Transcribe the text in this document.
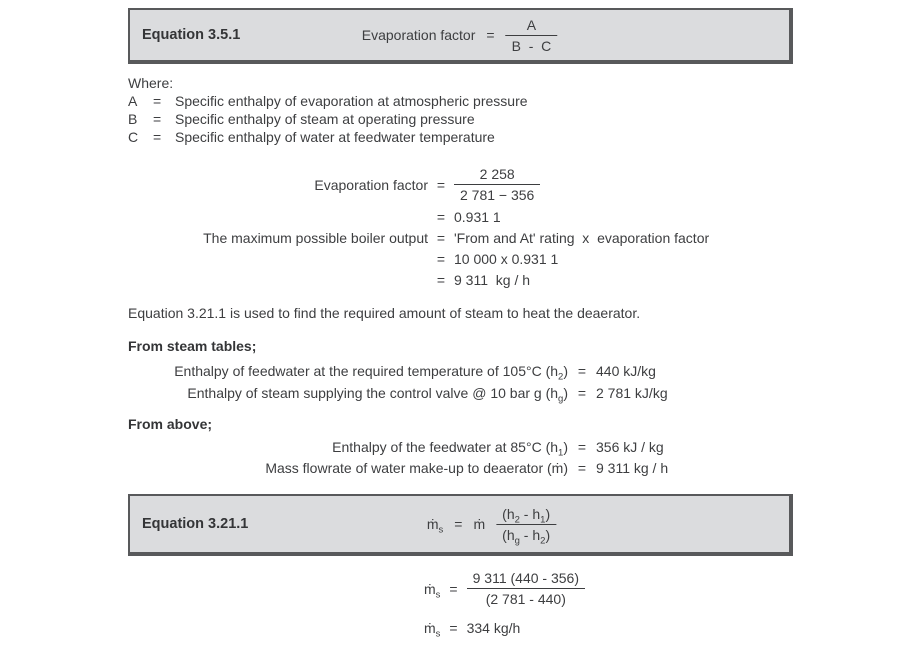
Equation 3.5.1	Evaporation factor = $\frac{A}{B - C}$
Where:
A	= Specific enthalpy of evaporation at atmospheric pressure
B	= Specific enthalpy of steam at operating pressure
C	= Specific enthalpy of water at feedwater temperature
Evaporation factor = $\frac{2 258}{2 781 - 356}$
= 0.931 1
The maximum possible boiler output = 'From and At' rating  x  evaporation factor
= 10 000 x 0.931 1
= 9 311  kg / h

Equation 3.21.1 is used to find the required amount of steam to heat the deaerator.

From steam tables;
Enthalpy of feedwater at the required temperature of 105°C $(h_2) = 440$ kJ/kg
Enthalpy of steam supplying the control valve @ 10 bar g $(h_g) = 2$ 781 kJ/kg
From above;
Enthalpy of the feedwater at 85°C $(h_1) = 356$ kJ / kg
Mass flowrate of water make-up to deaerator (ṁ) = 9 311 kg / h
Equation 3.21.1	ṁ$_s$ = ṁ $\frac{(h_2 - h_1)}{(h_g - h_2)}$
ṁ$_s$ = $\frac{9 311 (440 - 356)}{(2 781 - 440)}$
ṁ$_s$ = 334 kg/h
